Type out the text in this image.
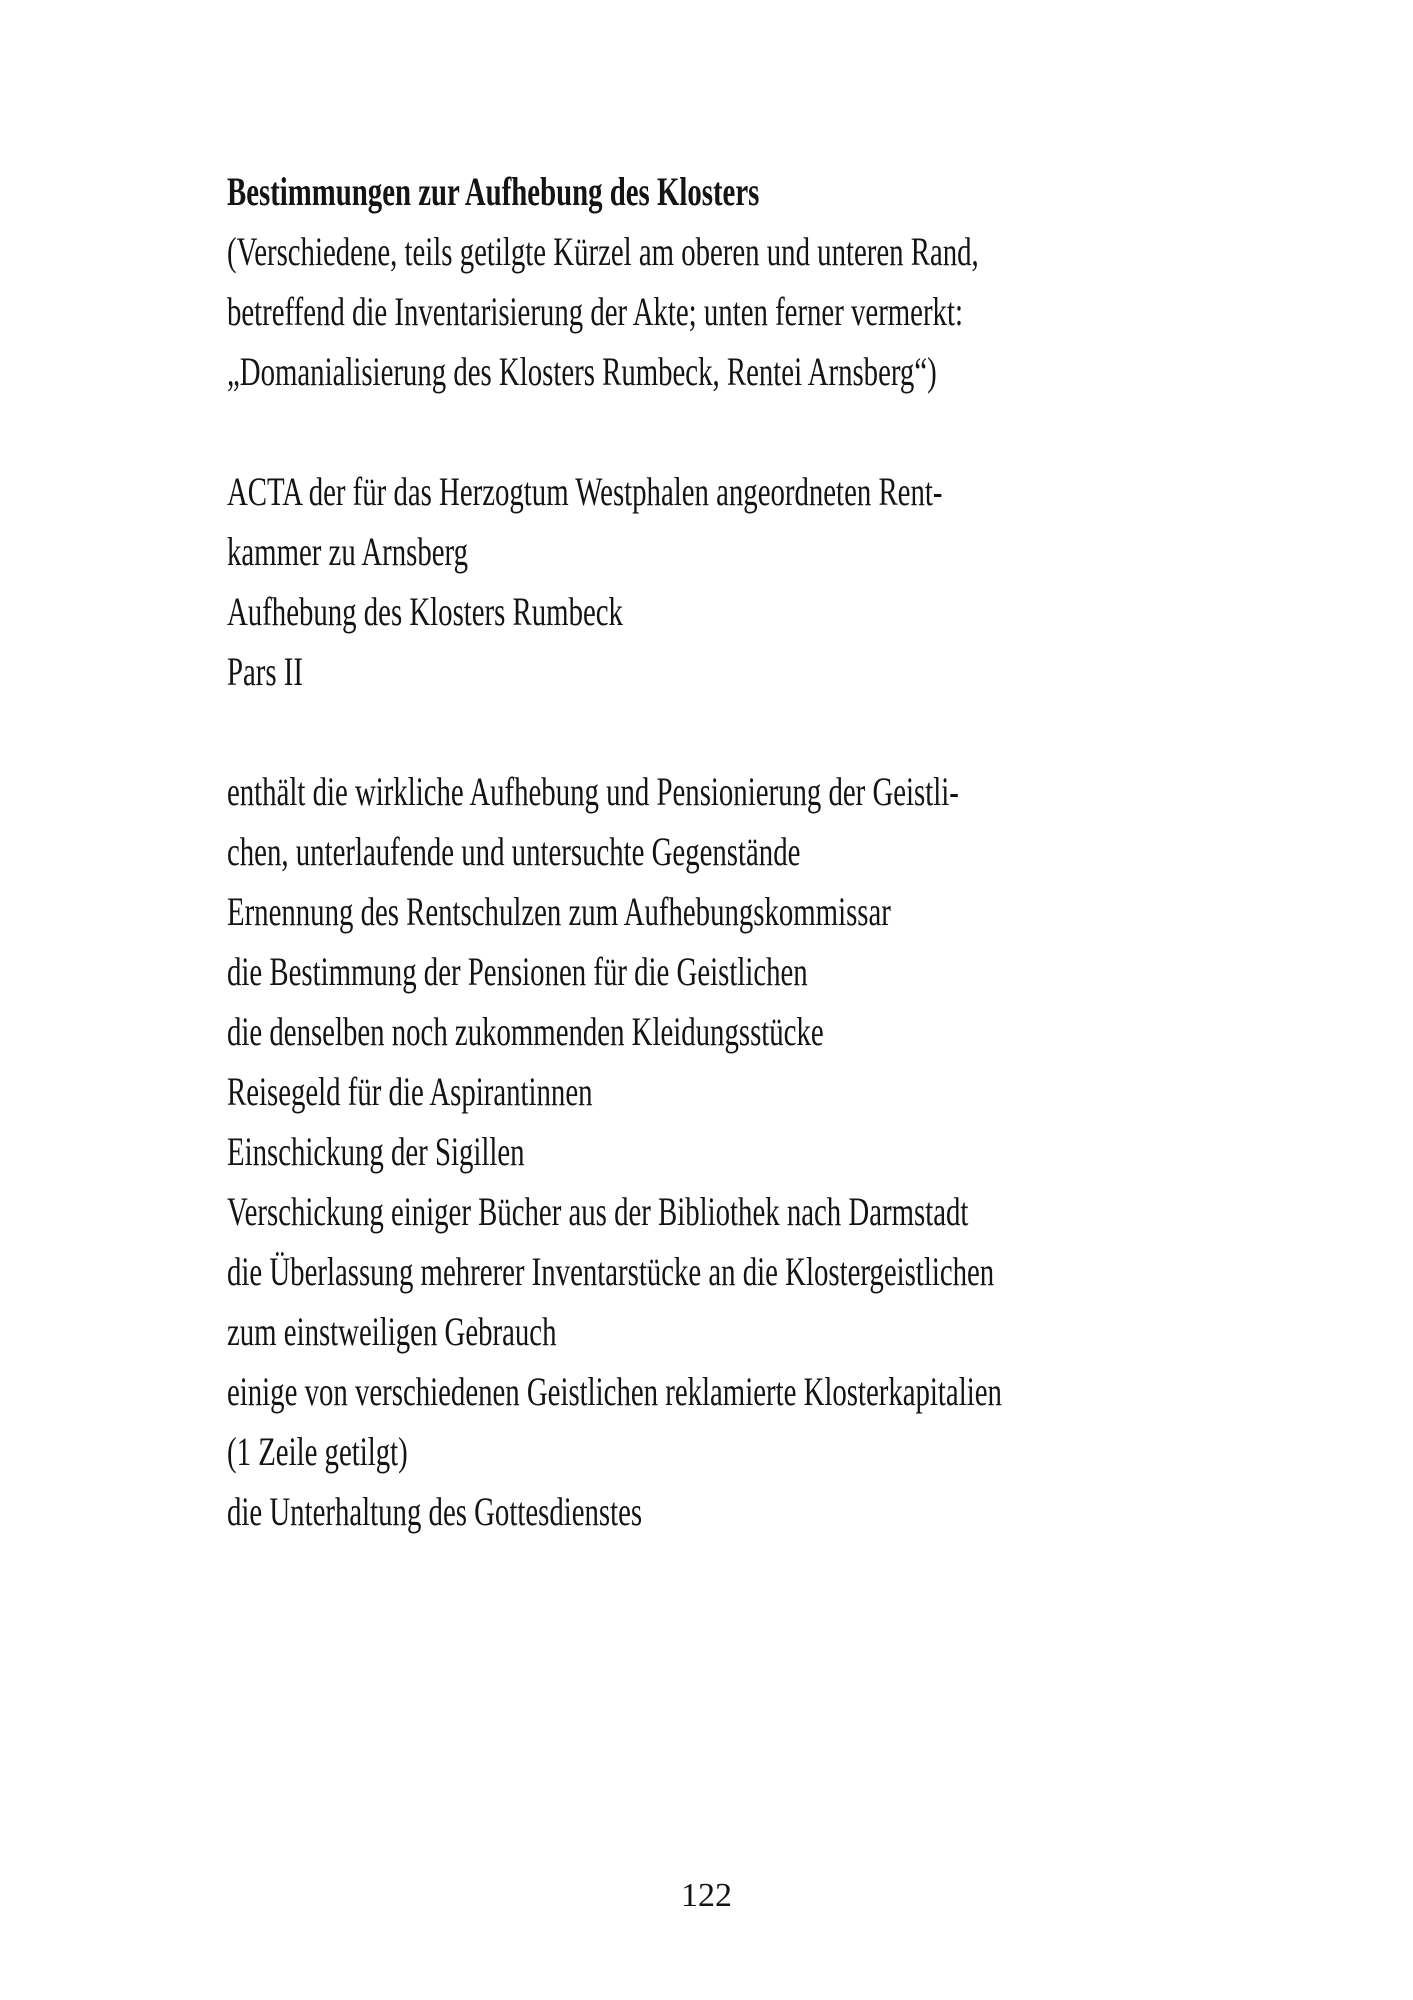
Bestimmungen zur Aufhebung des Klosters
(Verschiedene, teils getilgte Kürzel am oberen und unteren Rand,
betreffend die Inventarisierung der Akte; unten ferner vermerkt:
„Domanialisierung des Klosters Rumbeck, Rentei Arnsberg“)
ACTA der für das Herzogtum Westphalen angeordneten Rent-
kammer zu Arnsberg
Aufhebung des Klosters Rumbeck
Pars II
enthält die wirkliche Aufhebung und Pensionierung der Geistli-
chen, unterlaufende und untersuchte Gegenstände
Ernennung des Rentschulzen zum Aufhebungskommissar
die Bestimmung der Pensionen für die Geistlichen
die denselben noch zukommenden Kleidungsstücke
Reisegeld für die Aspirantinnen
Einschickung der Sigillen
Verschickung einiger Bücher aus der Bibliothek nach Darmstadt
die Überlassung mehrerer Inventarstücke an die Klostergeistlichen
zum einstweiligen Gebrauch
einige von verschiedenen Geistlichen reklamierte Klosterkapitalien
(1 Zeile getilgt)
die Unterhaltung des Gottesdienstes
122
